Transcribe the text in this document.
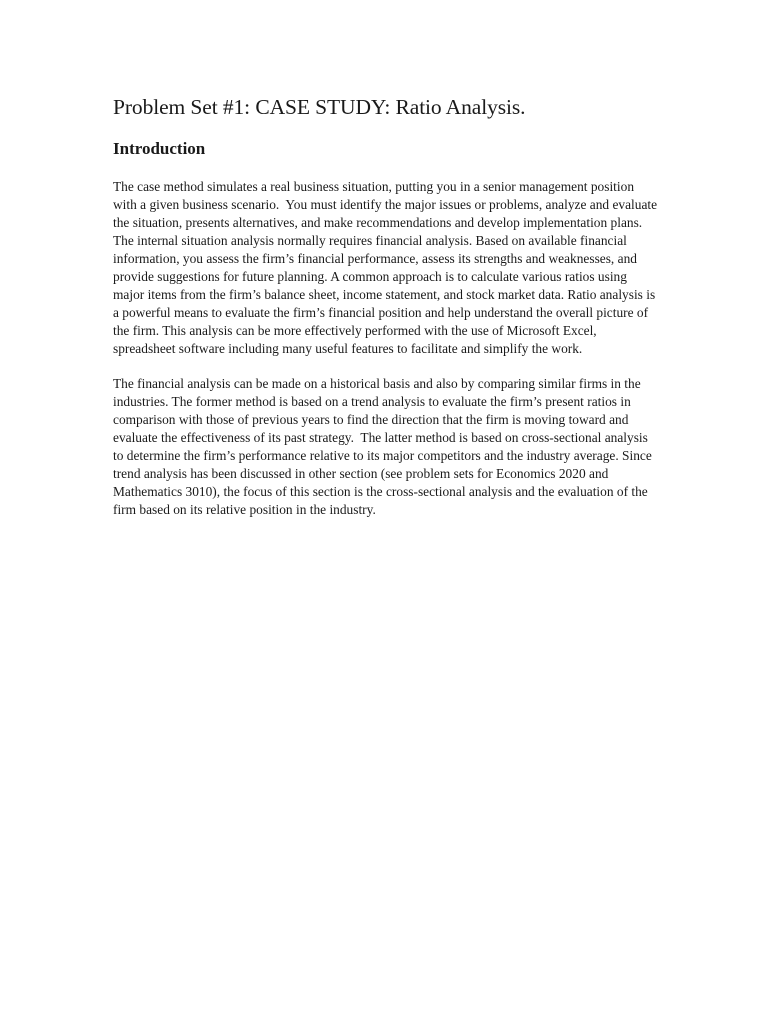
Problem Set #1: CASE STUDY: Ratio Analysis.
Introduction

The case method simulates a real business situation, putting you in a senior management position with a given business scenario.  You must identify the major issues or problems, analyze and evaluate the situation, presents alternatives, and make recommendations and develop implementation plans. The internal situation analysis normally requires financial analysis. Based on available financial information, you assess the firm’s financial performance, assess its strengths and weaknesses, and provide suggestions for future planning. A common approach is to calculate various ratios using major items from the firm’s balance sheet, income statement, and stock market data. Ratio analysis is a powerful means to evaluate the firm’s financial position and help understand the overall picture of the firm. This analysis can be more effectively performed with the use of Microsoft Excel, spreadsheet software including many useful features to facilitate and simplify the work.

The financial analysis can be made on a historical basis and also by comparing similar firms in the industries. The former method is based on a trend analysis to evaluate the firm’s present ratios in comparison with those of previous years to find the direction that the firm is moving toward and evaluate the effectiveness of its past strategy.  The latter method is based on cross-sectional analysis to determine the firm’s performance relative to its major competitors and the industry average. Since trend analysis has been discussed in other section (see problem sets for Economics 2020 and Mathematics 3010), the focus of this section is the cross-sectional analysis and the evaluation of the firm based on its relative position in the industry.
